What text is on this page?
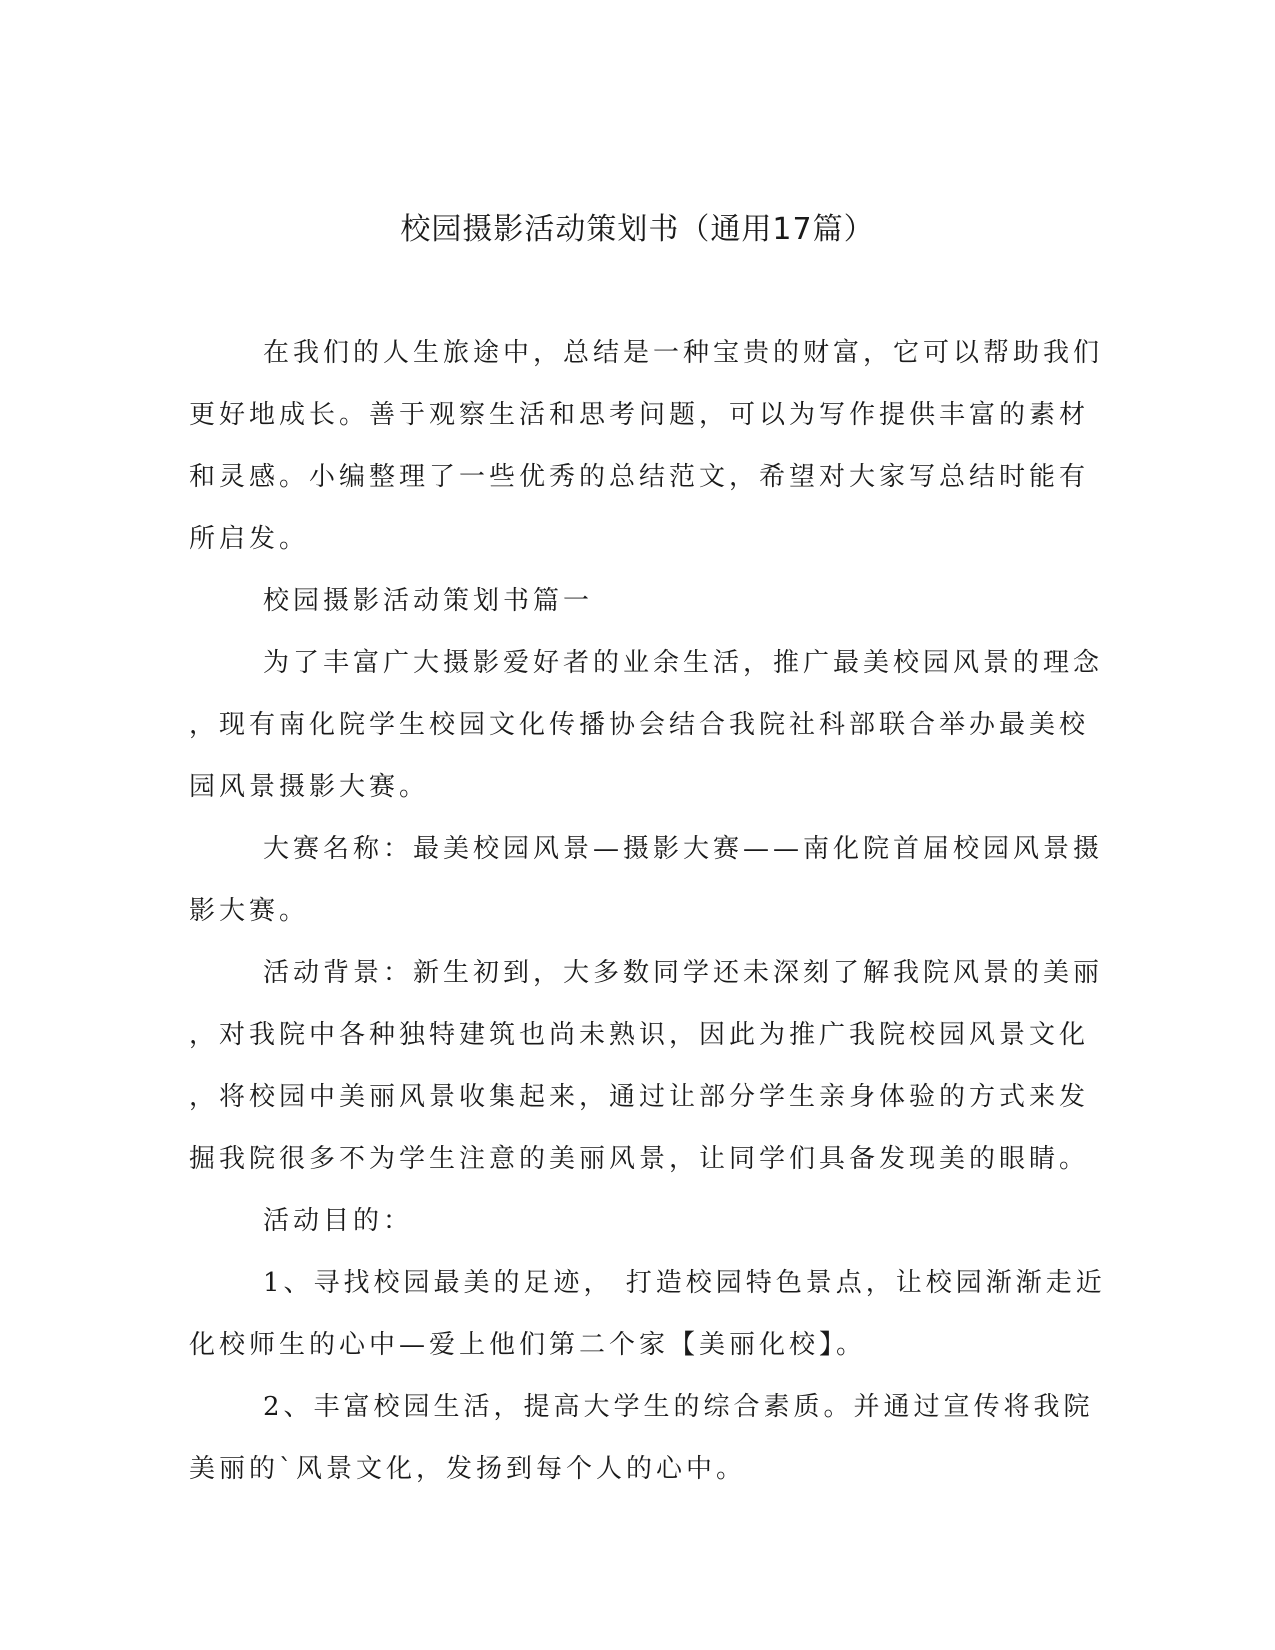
校园摄影活动策划书（通用17篇）

在我们的人生旅途中，总结是一种宝贵的财富，它可以帮助我们
更好地成长。善于观察生活和思考问题，可以为写作提供丰富的素材
和灵感。小编整理了一些优秀的总结范文，希望对大家写总结时能有
所启发。

校园摄影活动策划书篇一

为了丰富广大摄影爱好者的业余生活，推广最美校园风景的理念
，现有南化院学生校园文化传播协会结合我院社科部联合举办最美校
园风景摄影大赛。

大赛名称：最美校园风景—摄影大赛——南化院首届校园风景摄
影大赛。

活动背景：新生初到，大多数同学还未深刻了解我院风景的美丽
，对我院中各种独特建筑也尚未熟识，因此为推广我院校园风景文化
，将校园中美丽风景收集起来，通过让部分学生亲身体验的方式来发
掘我院很多不为学生注意的美丽风景，让同学们具备发现美的眼睛。

活动目的：

1、寻找校园最美的足迹， 打造校园特色景点，让校园渐渐走近
化校师生的心中—爱上他们第二个家【美丽化校】。

2、丰富校园生活，提高大学生的综合素质。并通过宣传将我院
美丽的`风景文化，发扬到每个人的心中。
